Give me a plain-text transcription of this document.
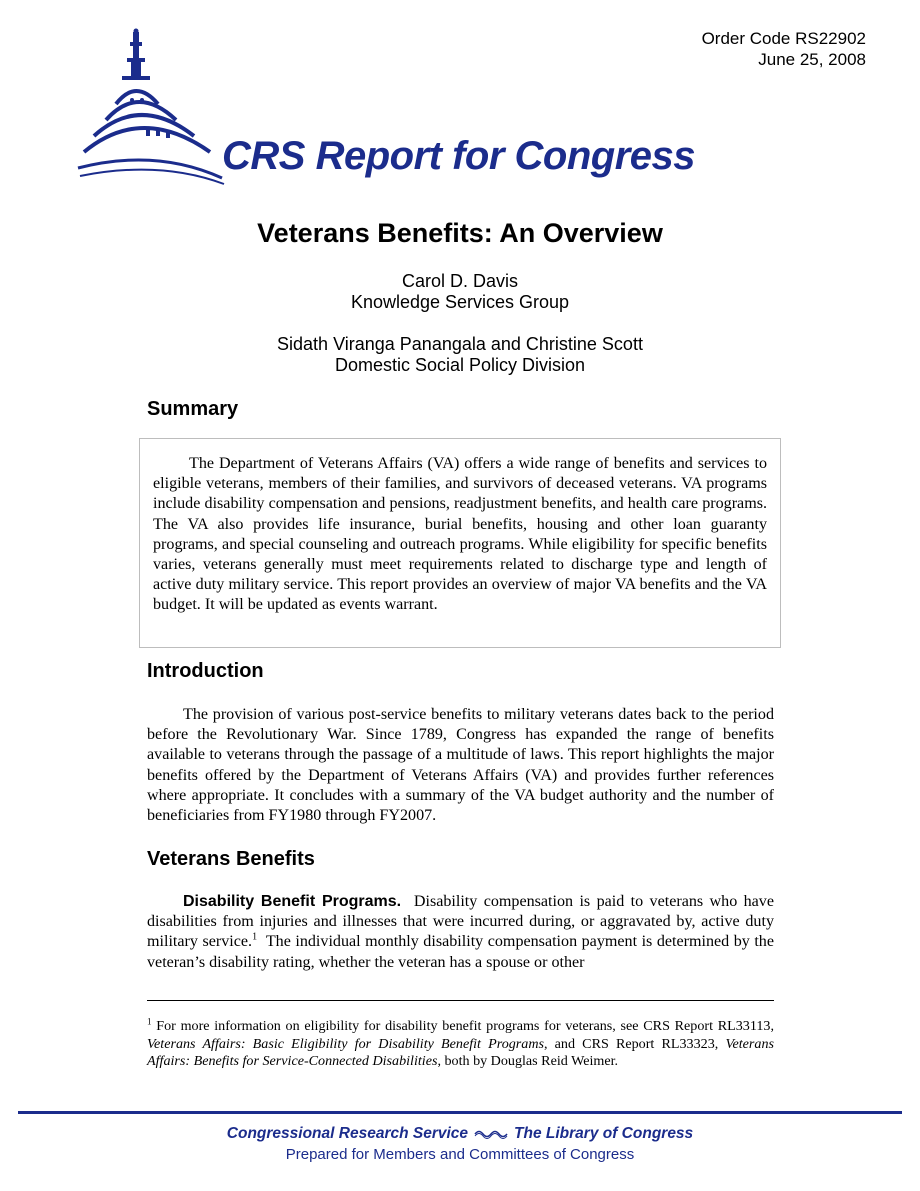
Order Code RS22902
June 25, 2008
CRS Report for Congress
Veterans Benefits: An Overview
Carol D. Davis
Knowledge Services Group
Sidath Viranga Panangala and Christine Scott
Domestic Social Policy Division
Summary

The Department of Veterans Affairs (VA) offers a wide range of benefits and services to eligible veterans, members of their families, and survivors of deceased veterans. VA programs include disability compensation and pensions, readjustment benefits, and health care programs. The VA also provides life insurance, burial benefits, housing and other loan guaranty programs, and special counseling and outreach programs. While eligibility for specific benefits varies, veterans generally must meet requirements related to discharge type and length of active duty military service. This report provides an overview of major VA benefits and the VA budget. It will be updated as events warrant.

Introduction

The provision of various post-service benefits to military veterans dates back to the period before the Revolutionary War. Since 1789, Congress has expanded the range of benefits available to veterans through the passage of a multitude of laws. This report highlights the major benefits offered by the Department of Veterans Affairs (VA) and provides further references where appropriate. It concludes with a summary of the VA budget authority and the number of beneficiaries from FY1980 through FY2007.

Veterans Benefits

Disability Benefit Programs. Disability compensation is paid to veterans who have disabilities from injuries and illnesses that were incurred during, or aggravated by, active duty military service.$^1$ The individual monthly disability compensation payment is determined by the veteran’s disability rating, whether the veteran has a spouse or other

$^1$ For more information on eligibility for disability benefit programs for veterans, see CRS Report RL33113, Veterans Affairs: Basic Eligibility for Disability Benefit Programs, and CRS Report RL33323, Veterans Affairs: Benefits for Service-Connected Disabilities, both by Douglas Reid Weimer.

Congressional Research Service	The Library of Congress
Prepared for Members and Committees of Congress
